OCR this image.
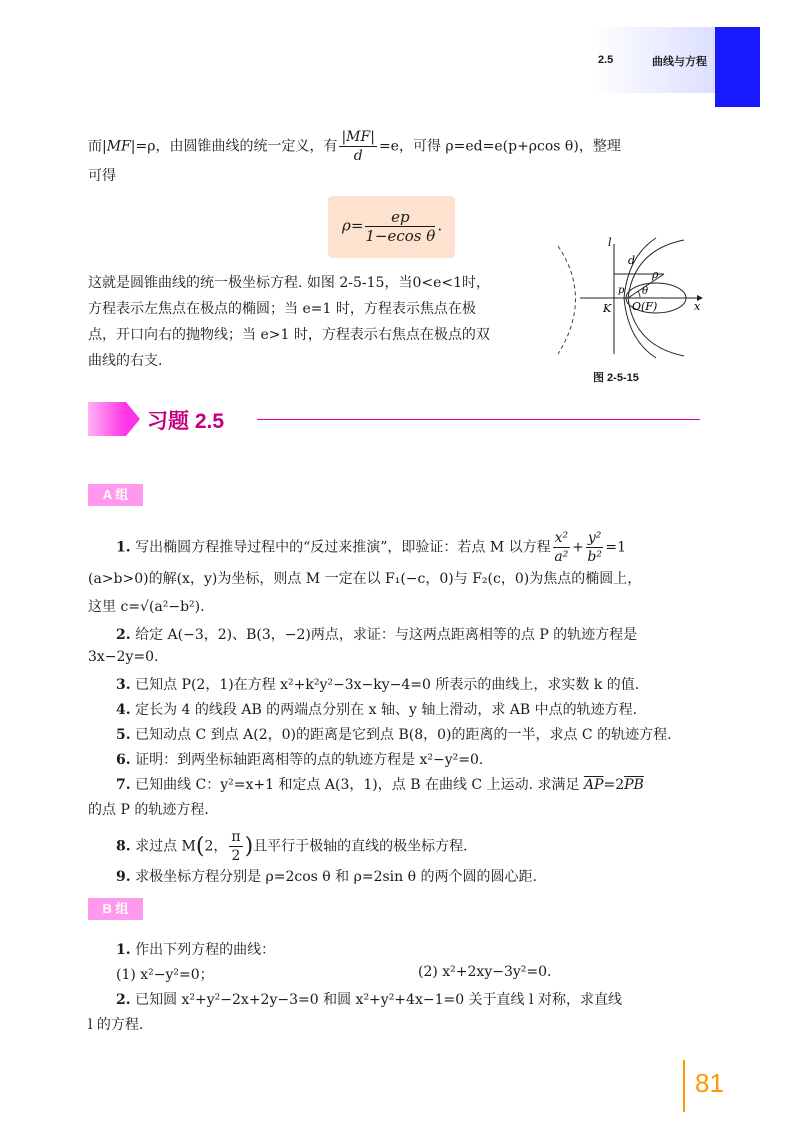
2.5	曲线与方程
而|MF|=ρ，由圆锥曲线的统一定义，有 $\frac{|MF|}{d} =e$，可得 ρ=ed=e(p+ρcos θ)，整理
可得
$\rho= \frac{ep}{\text{1−ecos θ}}$ .
这就是圆锥曲线的统一极坐标方程. 如图 2-5-15，当0<e<1时，
方程表示左焦点在极点的椭圆；当 e=1 时，方程表示焦点在极
点，开口向右的抛物线；当 e>1 时，方程表示右焦点在极点的双
曲线的右支.
l
d
ρ
p θ
O(F)	x
K
图 2-5-15
习题 2.5
A 组
1. 写出椭圆方程推导过程中的“反过来推演”，即验证：若点 M 以方程 $\frac{\text{x²}}{\text{a²}} + \frac{\text{y²}}{\text{b²}} =1$
(a>b>0)的解(x，y)为坐标，则点 M 一定在以 F₁(−c，0)与 F₂(c，0)为焦点的椭圆上，
这里 c=√(a²−b²).
2. 给定 A(−3，2)、B(3，−2)两点，求证：与这两点距离相等的点 P 的轨迹方程是
3x−2y=0.
3. 已知点 P(2，1)在方程 x²+k²y²−3x−ky−4=0 所表示的曲线上，求实数 k 的值.
4. 定长为 4 的线段 AB 的两端点分别在 x 轴、y 轴上滑动，求 AB 中点的轨迹方程.
5. 已知动点 C 到点 A(2，0)的距离是它到点 B(8，0)的距离的一半，求点 C 的轨迹方程.
6. 证明：到两坐标轴距离相等的点的轨迹方程是 x²−y²=0.
7. 已知曲线 C：y²=x+1 和定点 A(3，1)，点 B 在曲线 C 上运动. 求满足 $\overline{AP}=2\overline{PB}$
的点 P 的轨迹方程.
8. 求过点 M(2， $\frac{\pi}{2}$ )且平行于极轴的直线的极坐标方程.
9. 求极坐标方程分别是 ρ=2cos θ 和 ρ=2sin θ 的两个圆的圆心距.
B 组
1. 作出下列方程的曲线：
(1) x²−y²=0；	(2) x²+2xy−3y²=0.
2. 已知圆 x²+y²−2x+2y−3=0 和圆 x²+y²+4x−1=0 关于直线 l 对称，求直线
l 的方程.
81
